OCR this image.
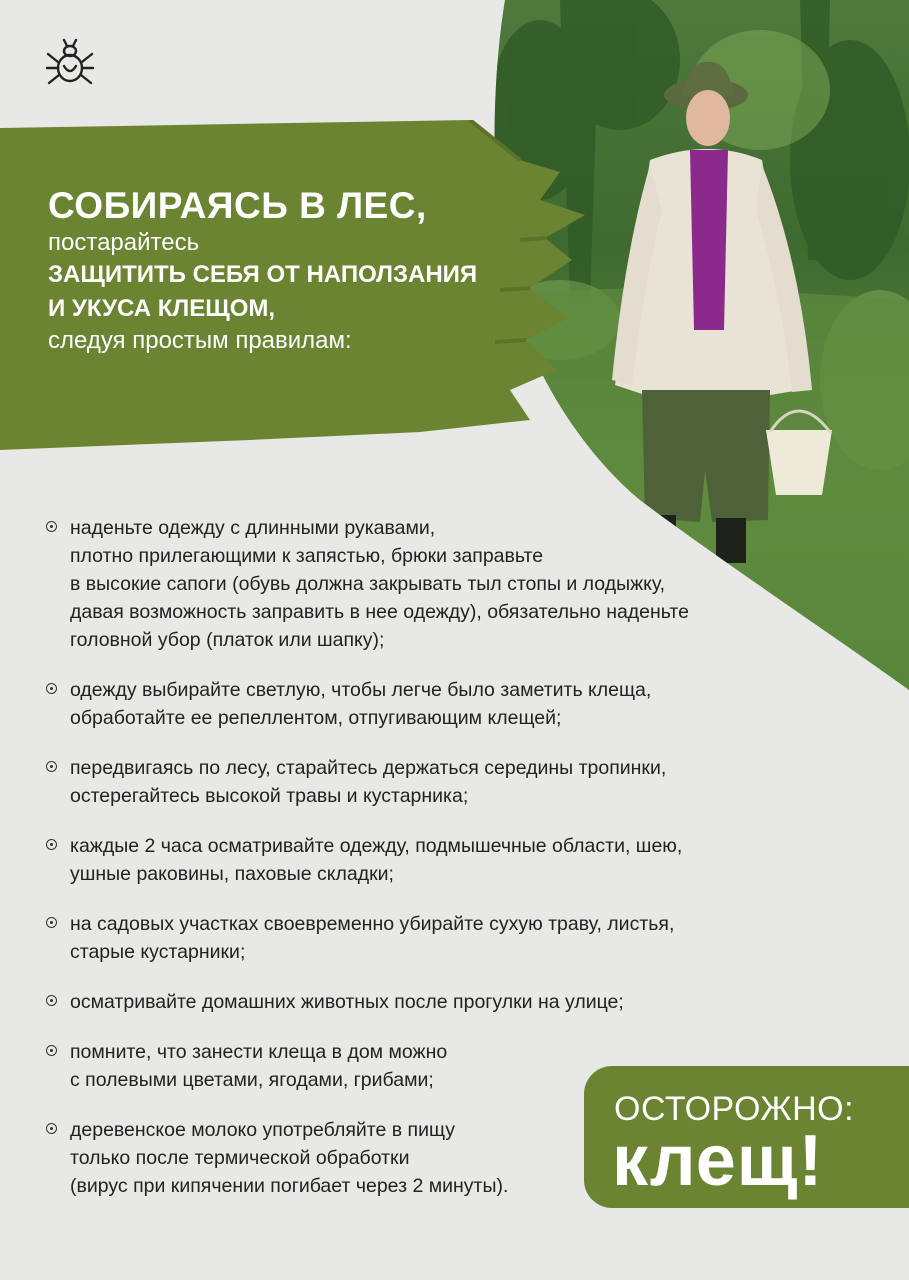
СОБИРАЯСЬ В ЛЕС,
постарайтесь
ЗАЩИТИТЬ СЕБЯ ОТ НАПОЛЗАНИЯ
И УКУСА КЛЕЩОМ,
следуя простым правилам:
наденьте одежду с длинными рукавами,
плотно прилегающими к запястью, брюки заправьте
в высокие сапоги (обувь должна закрывать тыл стопы и лодыжку,
давая возможность заправить в нее одежду), обязательно наденьте
головной убор (платок или шапку);
одежду выбирайте светлую, чтобы легче было заметить клеща,
обработайте ее репеллентом, отпугивающим клещей;
передвигаясь по лесу, старайтесь держаться середины тропинки,
остерегайтесь высокой травы и кустарника;
каждые 2 часа осматривайте одежду, подмышечные области, шею,
ушные раковины, паховые складки;
на садовых участках своевременно убирайте сухую траву, листья,
старые кустарники;
осматривайте домашних животных после прогулки на улице;
помните, что занести клеща в дом можно
с полевыми цветами, ягодами, грибами;
деревенское молоко употребляйте в пищу
только после термической обработки
(вирус при кипячении погибает через 2 минуты).
ОСТОРОЖНО:
клещ!
